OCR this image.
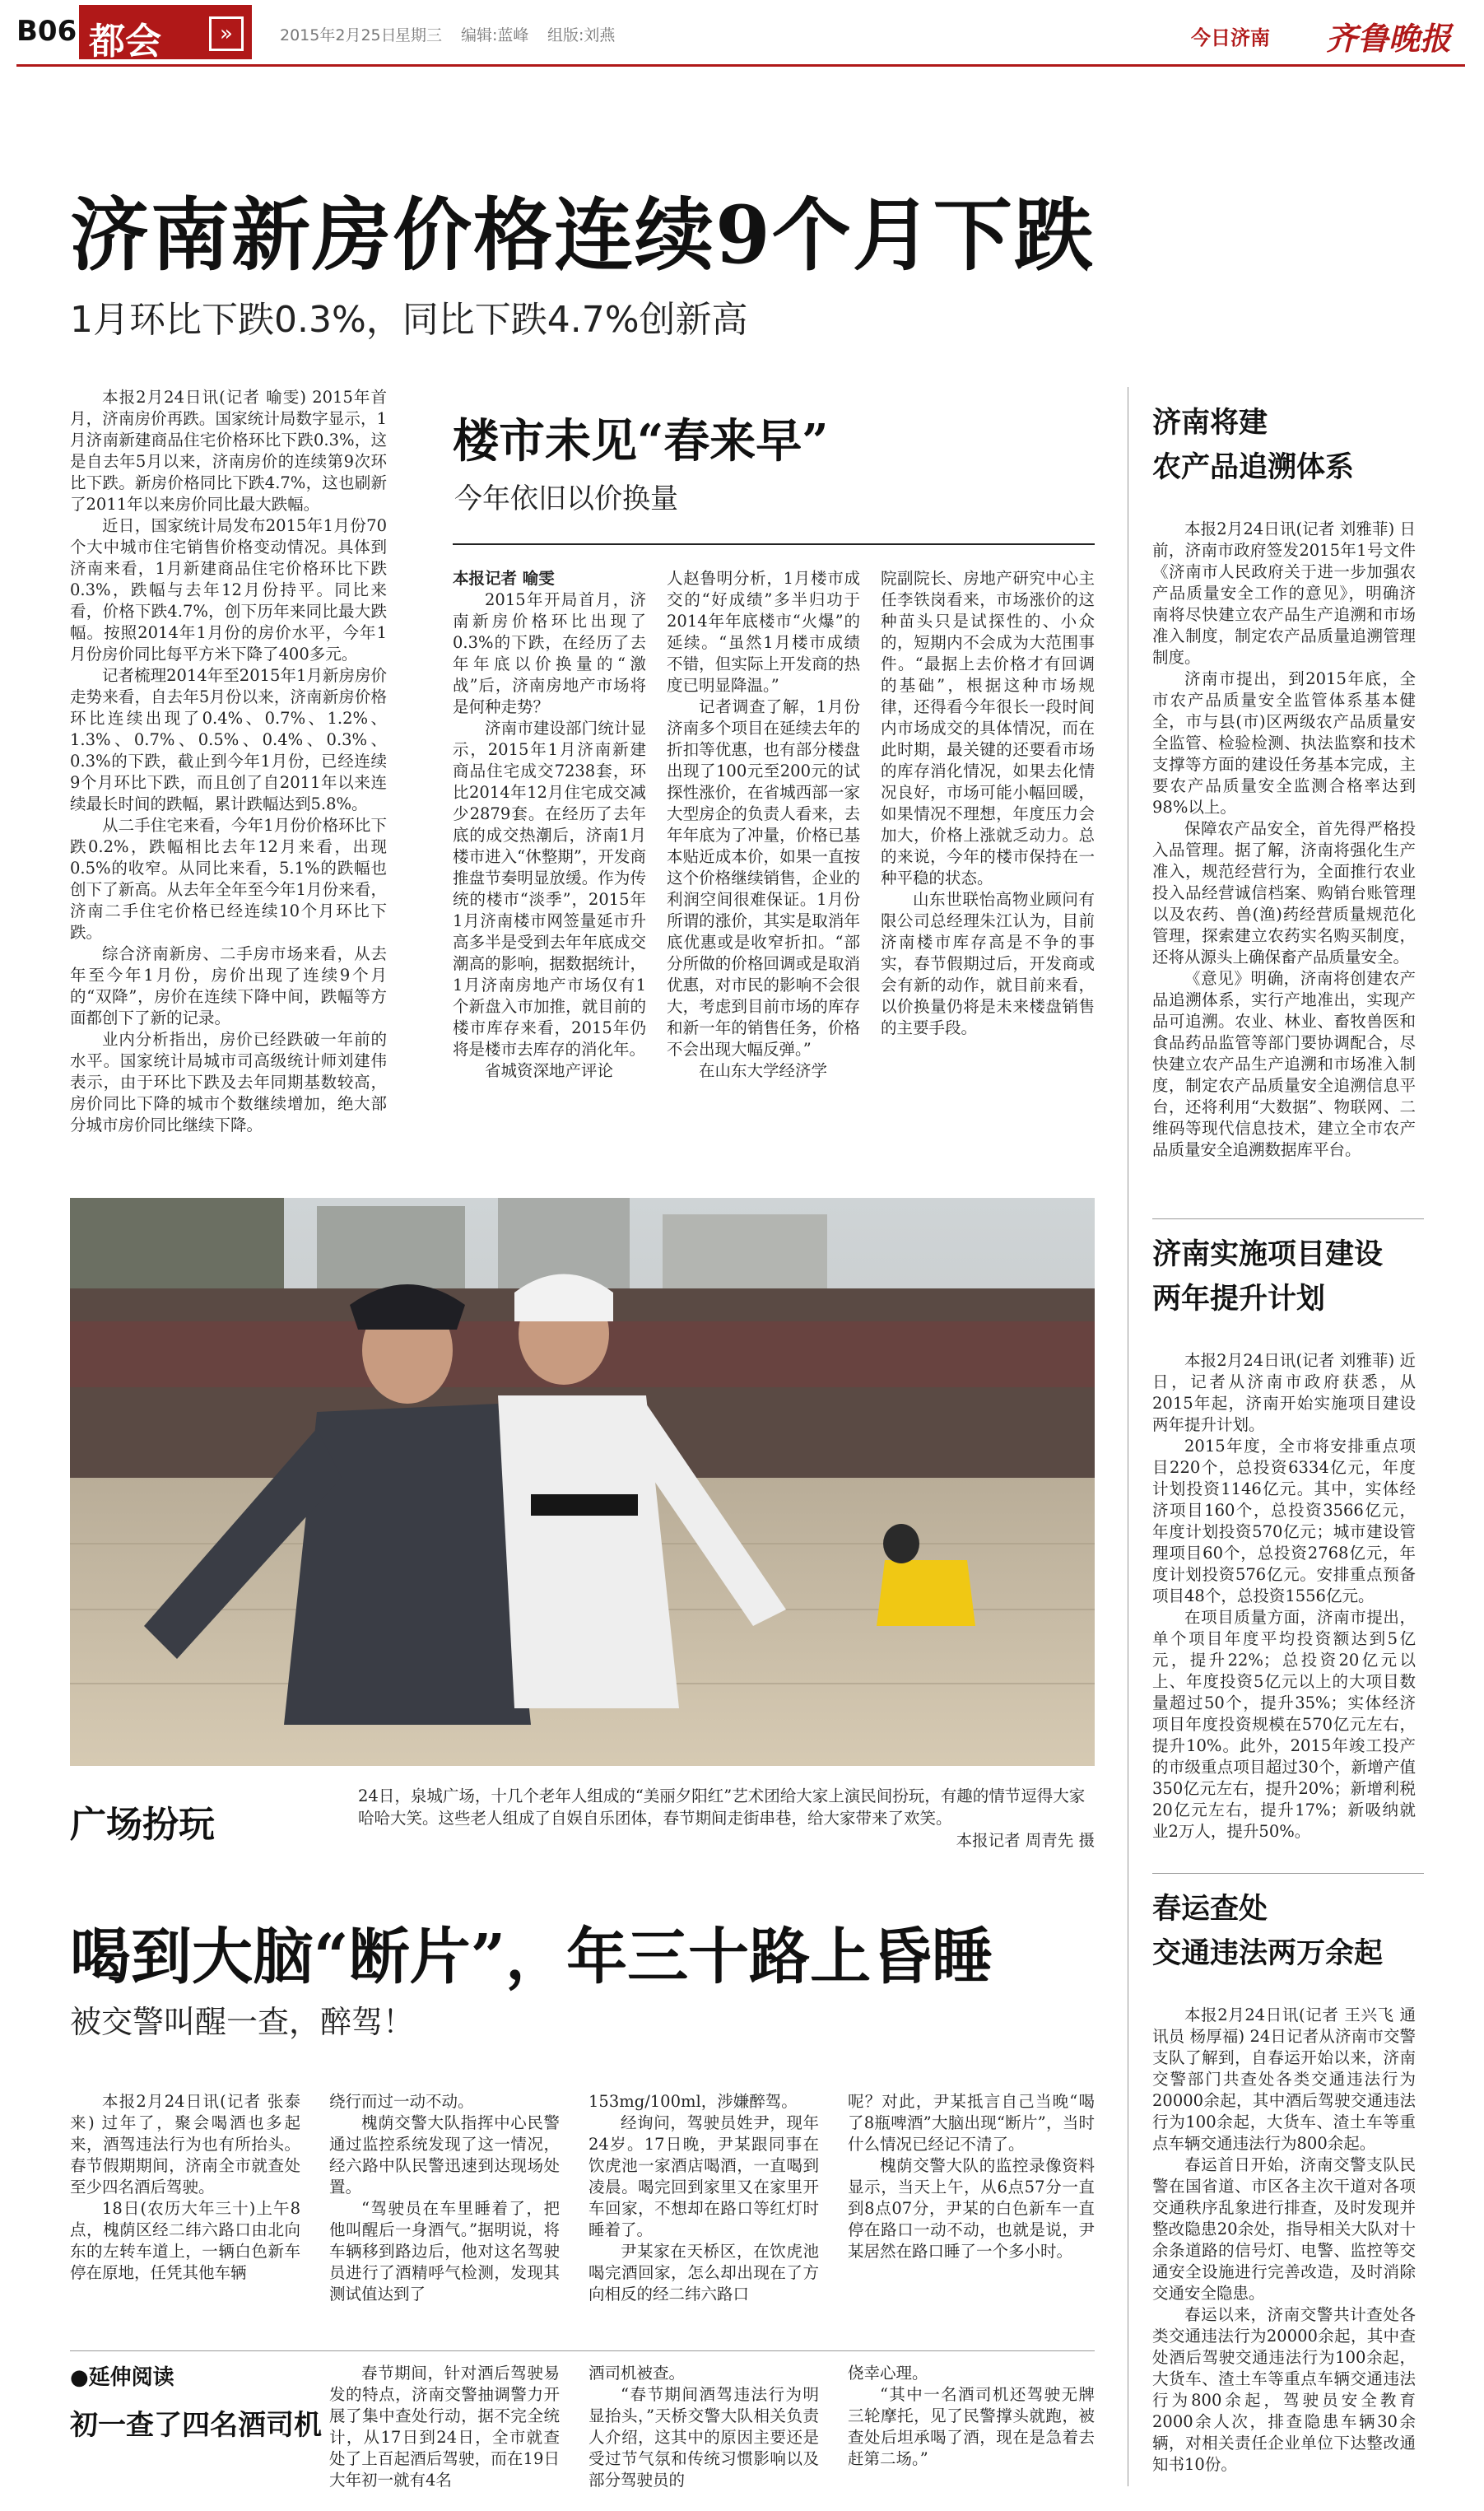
B06 都会	»	2015年2月25日
星期三 编辑:蓝峰 组版:刘燕	今日济南 齐鲁晚报
济南新房价格连续9个月下跌
1月环比下跌0.3%，同比下跌4.7%创新高

本报2月24日讯(记者 喻雯) 2015年首月，济南房价再跌。国家统计局数字显示，1月济南新建商品住宅价格环比下跌0.3%，这是自去年5月以来，济南房价的连续第9次环比下跌。新房价格同比下跌4.7%，这也刷新了2011年以来房价同比最大跌幅。

近日，国家统计局发布2015年1月份70个大中城市住宅销售价格变动情况。具体到济南来看，1月新建商品住宅价格环比下跌0.3%，跌幅与去年12月份持平。同比来看，价格下跌4.7%，创下历年来同比最大跌幅。按照2014年1月份的房价水平，今年1月份房价同比每平方米下降了400多元。

记者梳理2014年至2015年1月新房房价走势来看，自去年5月份以来，济南新房价格环比连续出现了0.4%、0.7%、1.2%、1.3%、0.7%、0.5%、0.4%、0.3%、0.3%的下跌，截止到今年1月份，已经连续9个月环比下跌，而且创了自2011年以来连续最长时间的跌幅，累计跌幅达到5.8%。

从二手住宅来看，今年1月份价格环比下跌0.2%，跌幅相比去年12月来看，出现0.5%的收窄。从同比来看，5.1%的跌幅也创下了新高。从去年全年至今年1月份来看，济南二手住宅价格已经连续10个月环比下跌。

综合济南新房、二手房市场来看，从去年至今年1月份，房价出现了连续9个月的“双降”，房价在连续下降中间，跌幅等方面都创下了新的记录。

业内分析指出，房价已经跌破一年前的水平。国家统计局城市司高级统计师刘建伟表示，由于环比下跌及去年同期基数较高，房价同比下降的城市个数继续增加，绝大部分城市房价同比继续下降。

楼市未见“春来早”
今年依旧以价换量

本报记者 喻雯

2015年开局首月，济南新房价格环比出现了0.3%的下跌，在经历了去年年底以价换量的“激战”后，济南房地产市场将是何种走势？

济南市建设部门统计显示，2015年1月济南新建商品住宅成交7238套，环比2014年12月住宅成交减少2879套。在经历了去年底的成交热潮后，济南1月楼市进入“休整期”，开发商推盘节奏明显放缓。作为传统的楼市“淡季”，2015年1月济南楼市网签量延市升高多半是受到去年年底成交潮高的影响，据数据统计，1月济南房地产市场仅有1个新盘入市加推，就目前的楼市库存来看，2015年仍将是楼市去库存的消化年。

省城资深地产评论

人赵鲁明分析，1月楼市成交的“好成绩”多半归功于2014年年底楼市“火爆”的延续。“虽然1月楼市成绩不错，但实际上开发商的热度已明显降温。”

记者调查了解，1月份济南多个项目在延续去年的折扣等优惠，也有部分楼盘出现了100元至200元的试探性涨价，在省城西部一家大型房企的负责人看来，去年年底为了冲量，价格已基本贴近成本价，如果一直按这个价格继续销售，企业的利润空间很难保证。1月份所谓的涨价，其实是取消年底优惠或是收窄折扣。“部分所做的价格回调或是取消优惠，对市民的影响不会很大，考虑到目前市场的库存和新一年的销售任务，价格不会出现大幅反弹。”

在山东大学经济学

院副院长、房地产研究中心主任李铁岗看来，市场涨价的这种苗头只是试探性的、小众的，短期内不会成为大范围事件。“最据上去价格才有回调的基础”，根据这种市场规律，还得看今年很长一段时间内市场成交的具体情况，而在此时期，最关键的还要看市场的库存消化情况，如果去化情况良好，市场可能小幅回暖，如果情况不理想，年度压力会加大，价格上涨就乏动力。总的来说，今年的楼市保持在一种平稳的状态。

山东世联怡高物业顾问有限公司总经理朱江认为，目前济南楼市库存高是不争的事实，春节假期过后，开发商或会有新的动作，就目前来看，以价换量仍将是未来楼盘销售的主要手段。

济南将建
农产品追溯体系

本报2月24日讯(记者 刘雅菲) 日前，济南市政府签发2015年1号文件《济南市人民政府关于进一步加强农产品质量安全工作的意见》，明确济南将尽快建立农产品生产追溯和市场准入制度，制定农产品质量追溯管理制度。

济南市提出，到2015年底，全市农产品质量安全监管体系基本健全，市与县(市)区两级农产品质量安全监管、检验检测、执法监察和技术支撑等方面的建设任务基本完成，主要农产品质量安全监测合格率达到98%以上。

保障农产品安全，首先得严格投入品管理。据了解，济南将强化生产准入，规范经营行为，全面推行农业投入品经营诚信档案、购销台账管理以及农药、兽(渔)药经营质量规范化管理，探索建立农药实名购买制度，还将从源头上确保畜产品质量安全。

《意见》明确，济南将创建农产品追溯体系，实行产地准出，实现产品可追溯。农业、林业、畜牧兽医和食品药品监管等部门要协调配合，尽快建立农产品生产追溯和市场准入制度，制定农产品质量安全追溯信息平台，还将利用“大数据”、物联网、二维码等现代信息技术，建立全市农产品质量安全追溯数据库平台。

济南实施项目建设
两年提升计划

本报2月24日讯(记者 刘雅菲) 近日，记者从济南市政府获悉，从2015年起，济南开始实施项目建设两年提升计划。

2015年度，全市将安排重点项目220个，总投资6334亿元，年度计划投资1146亿元。其中，实体经济项目160个，总投资3566亿元，年度计划投资570亿元；城市建设管理项目60个，总投资2768亿元，年度计划投资576亿元。安排重点预备项目48个，总投资1556亿元。

在项目质量方面，济南市提出，单个项目年度平均投资额达到5亿元，提升22%；总投资20亿元以上、年度投资5亿元以上的大项目数量超过50个，提升35%；实体经济项目年度投资规模在570亿元左右，提升10%。此外，2015年竣工投产的市级重点项目超过30个，新增产值350亿元左右，提升20%；新增利税20亿元左右，提升17%；新吸纳就业2万人，提升50%。

春运查处
交通违法两万余起

本报2月24日讯(记者 王兴飞 通讯员 杨厚福) 24日记者从济南市交警支队了解到，自春运开始以来，济南交警部门共查处各类交通违法行为20000余起，其中酒后驾驶交通违法行为100余起，大货车、渣土车等重点车辆交通违法行为800余起。

春运首日开始，济南交警支队民警在国省道、市区各主次干道对各项交通秩序乱象进行排查，及时发现并整改隐患20余处，指导相关大队对十余条道路的信号灯、电警、监控等交通安全设施进行完善改造，及时消除交通安全隐患。

春运以来，济南交警共计查处各类交通违法行为20000余起，其中查处酒后驾驶交通违法行为100余起，大货车、渣土车等重点车辆交通违法行为800余起，驾驶员安全教育2000余人次，排查隐患车辆30余辆，对相关责任企业单位下达整改通知书10份。

广场扮玩
24日，泉城广场，十几个老年人组成的“美丽夕阳红”艺术团给大家上演民间扮玩，有趣的情节逗得大家哈哈大笑。这些老人组成了自娱自乐团体，春节期间走街串巷，给大家带来了欢笑。
本报记者 周青先 摄
喝到大脑“断片”，年三十路上昏睡
被交警叫醒一查，醉驾！

本报2月24日讯(记者 张泰来) 过年了，聚会喝酒也多起来，酒驾违法行为也有所抬头。春节假期期间，济南全市就查处至少四名酒后驾驶。

18日(农历大年三十)上午8点，槐荫区经二纬六路口由北向东的左转车道上，一辆白色新车停在原地，任凭其他车辆

绕行而过一动不动。

槐荫交警大队指挥中心民警通过监控系统发现了这一情况，经六路中队民警迅速到达现场处置。

“驾驶员在车里睡着了，把他叫醒后一身酒气。”据明说，将车辆移到路边后，他对这名驾驶员进行了酒精呼气检测，发现其测试值达到了

153mg/100ml，涉嫌醉驾。

经询问，驾驶员姓尹，现年24岁。17日晚，尹某跟同事在饮虎池一家酒店喝酒，一直喝到凌晨。喝完回到家里又在家里开车回家，不想却在路口等红灯时睡着了。

尹某家在天桥区，在饮虎池喝完酒回家，怎么却出现在了方向相反的经二纬六路口

呢？对此，尹某抵言自己当晚“喝了8瓶啤酒”大脑出现“断片”，当时什么情况已经记不清了。

槐荫交警大队的监控录像资料显示，当天上午，从6点57分一直到8点07分，尹某的白色新车一直停在路口一动不动，也就是说，尹某居然在路口睡了一个多小时。

●延伸阅读
初一查了四名酒司机

春节期间，针对酒后驾驶易发的特点，济南交警抽调警力开展了集中查处行动，据不完全统计，从17日到24日，全市就查处了上百起酒后驾驶，而在19日大年初一就有4名

酒司机被查。

“春节期间酒驾违法行为明显抬头，”天桥交警大队相关负责人介绍，这其中的原因主要还是受过节气氛和传统习惯影响以及部分驾驶员的

侥幸心理。

“其中一名酒司机还驾驶无牌三轮摩托，见了民警撑头就跑，被查处后坦承喝了酒，现在是急着去赶第二场。”
